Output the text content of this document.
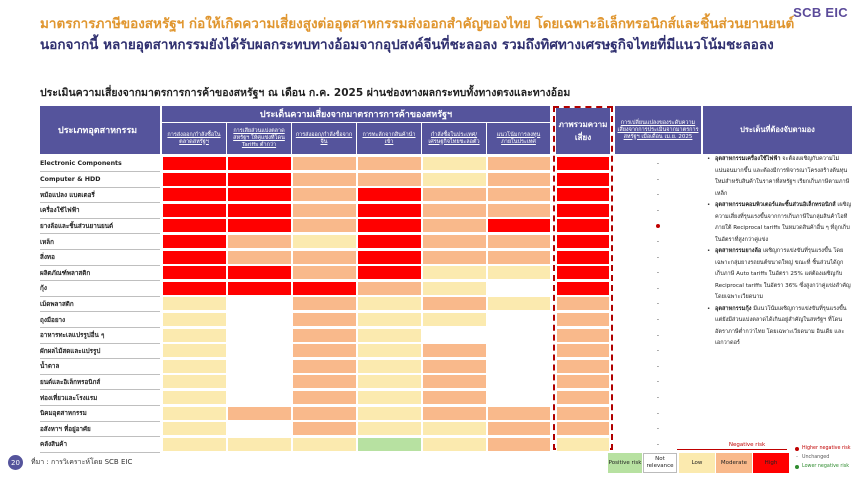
SCB EIC
มาตรการภาษีของสหรัฐฯ ก่อให้เกิดความเสี่ยงสูงต่ออุตสาหกรรมส่งออกสำคัญของไทย โดยเฉพาะอิเล็กทรอนิกส์และชิ้นส่วนยานยนต์ นอกจากนี้ หลายอุตสาหกรรมยังได้รับผลกระทบทางอ้อมจากอุปสงค์จีนที่ชะลอลง รวมถึงทิศทางเศรษฐกิจไทยที่มีแนวโน้มชะลอลง
ประเมินความเสี่ยงจากมาตรการการค้าของสหรัฐฯ ณ เดือน ก.ค. 2025 ผ่านช่องทางผลกระทบทั้งทางตรงและทางอ้อม
ประเภทอุตสาหกรรม
ประเด็นความเสี่ยงจากมาตรการการค้าของสหรัฐฯ
การส่งออก/กำลังซื้อในตลาดสหรัฐฯ
การเสียส่วนแบ่งตลาดสหรัฐฯ ให้คู่แข่งที่โดน Tariffs ต่ำกว่า
การส่งออก/กำลังซื้อจากจีน
การทะลักจากสินค้านำเข้า
กำลังซื้อในประเทศ/เศรษฐกิจไทยชะลอตัว
แนวโน้มการลงทุนภายในประเทศ
ภาพรวมความเสี่ยง
การเปลี่ยนแปลงของระดับความเสี่ยงจากการประเมินจากมาตรการสหรัฐฯ เมื่อเดือน เม.ย. 2025
ประเด็นที่ต้องจับตามอง
Electronic Components	-
Computer & HDD	-
หม้อแปลง แบตเตอรี่	-
เครื่องใช้ไฟฟ้า	-
ยางล้อและชิ้นส่วนยานยนต์
เหล็ก	-
สิ่งทอ	-
ผลิตภัณฑ์พลาสติก	-
กุ้ง	-
เม็ดพลาสติก	-
ถุงมือยาง	-
อาหารทะเลแปรรูปอื่น ๆ	-
ผักผลไม้สดและแปรรูป	-
น้ำตาล	-
ยนต์และอิเล็กทรอนิกส์	-
ท่องเที่ยวและโรงแรม	-
นิคมอุตสาหกรรม	-
อสังหาฯ ที่อยู่อาศัย	-
คลังสินค้า	-
• อุตสาหกรรมเครื่องใช้ไฟฟ้า จะต้องเผชิญกับความไม่แน่นอนมากขึ้น และต้องมีการพิจารณาโครงสร้างต้นทุนใหม่สำหรับสินค้าในราคาที่สหรัฐฯ เรียกเก็บภาษีตามภาษีเหล็ก
• อุตสาหกรรมคอมพิวเตอร์และชิ้นส่วนอิเล็กทรอนิกส์ เผชิญความเสี่ยงที่รุนแรงขึ้นจากการเก็บภาษีในกลุ่มสินค้าไอทีภายใต้ Reciprocal tariffs ในหมวดสินค้าอื่น ๆ ที่ถูกเก็บในอัตราที่สูงกว่าคู่แข่ง
• อุตสาหกรรมยางล้อ เผชิญการแข่งขันที่รุนแรงขึ้น โดยเฉพาะกลุ่มยางรถยนต์ขนาดใหญ่ ขณะที่ ชิ้นส่วนได้ถูกเก็บภาษี Auto tariffs ในอัตรา 25% แต่ต้องเผชิญกับ Reciprocal tariffs ในอัตรา 36% ซึ่งสูงกว่าคู่แข่งสำคัญ โดยเฉพาะเวียดนาม
• อุตสาหกรรมกุ้ง มีแนวโน้มเผชิญการแข่งขันที่รุนแรงขึ้นแต่ยังมีส่วนแบ่งตลาดได้เกินอยู่สำคัญในสหรัฐฯ ที่โดนอัตราภาษีต่ำกว่าไทย โดยเฉพาะเวียดนาม อินเดีย และเอกวาดอร์
Positive risk
Not relevance
Negative risk
Low	Moderate	High
Higher negative risk
- Unchanged
Lower negative risk
20	ที่มา : การวิเคราะห์โดย SCB EIC
